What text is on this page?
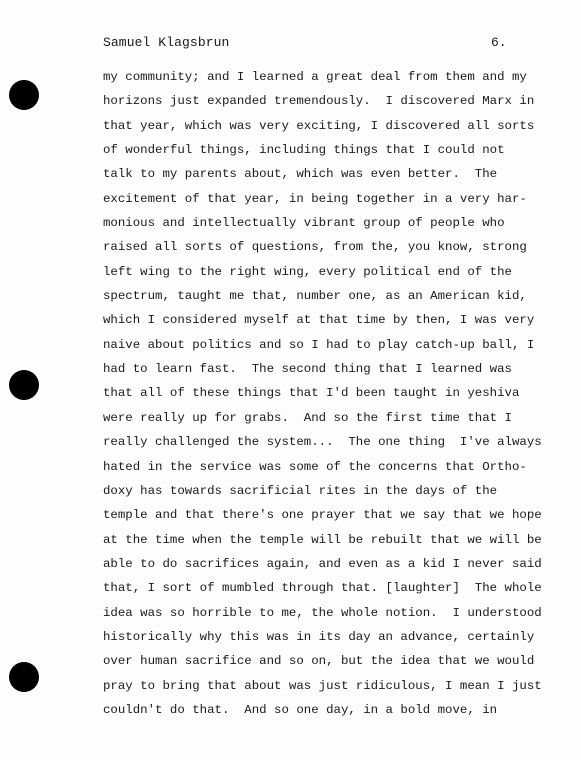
Samuel Klagsbrun	6.
my community; and I learned a great deal from them and my
horizons just expanded tremendously.  I discovered Marx in
that year, which was very exciting, I discovered all sorts
of wonderful things, including things that I could not
talk to my parents about, which was even better.  The
excitement of that year, in being together in a very har-
monious and intellectually vibrant group of people who
raised all sorts of questions, from the, you know, strong
left wing to the right wing, every political end of the
spectrum, taught me that, number one, as an American kid,
which I considered myself at that time by then, I was very
naive about politics and so I had to play catch-up ball, I
had to learn fast.  The second thing that I learned was
that all of these things that I'd been taught in yeshiva
were really up for grabs.  And so the first time that I
really challenged the system...  The one thing  I've always
hated in the service was some of the concerns that Ortho-
doxy has towards sacrificial rites in the days of the
temple and that there's one prayer that we say that we hope
at the time when the temple will be rebuilt that we will be
able to do sacrifices again, and even as a kid I never said
that, I sort of mumbled through that. [laughter]  The whole
idea was so horrible to me, the whole notion.  I understood
historically why this was in its day an advance, certainly
over human sacrifice and so on, but the idea that we would
pray to bring that about was just ridiculous, I mean I just
couldn't do that.  And so one day, in a bold move, in
